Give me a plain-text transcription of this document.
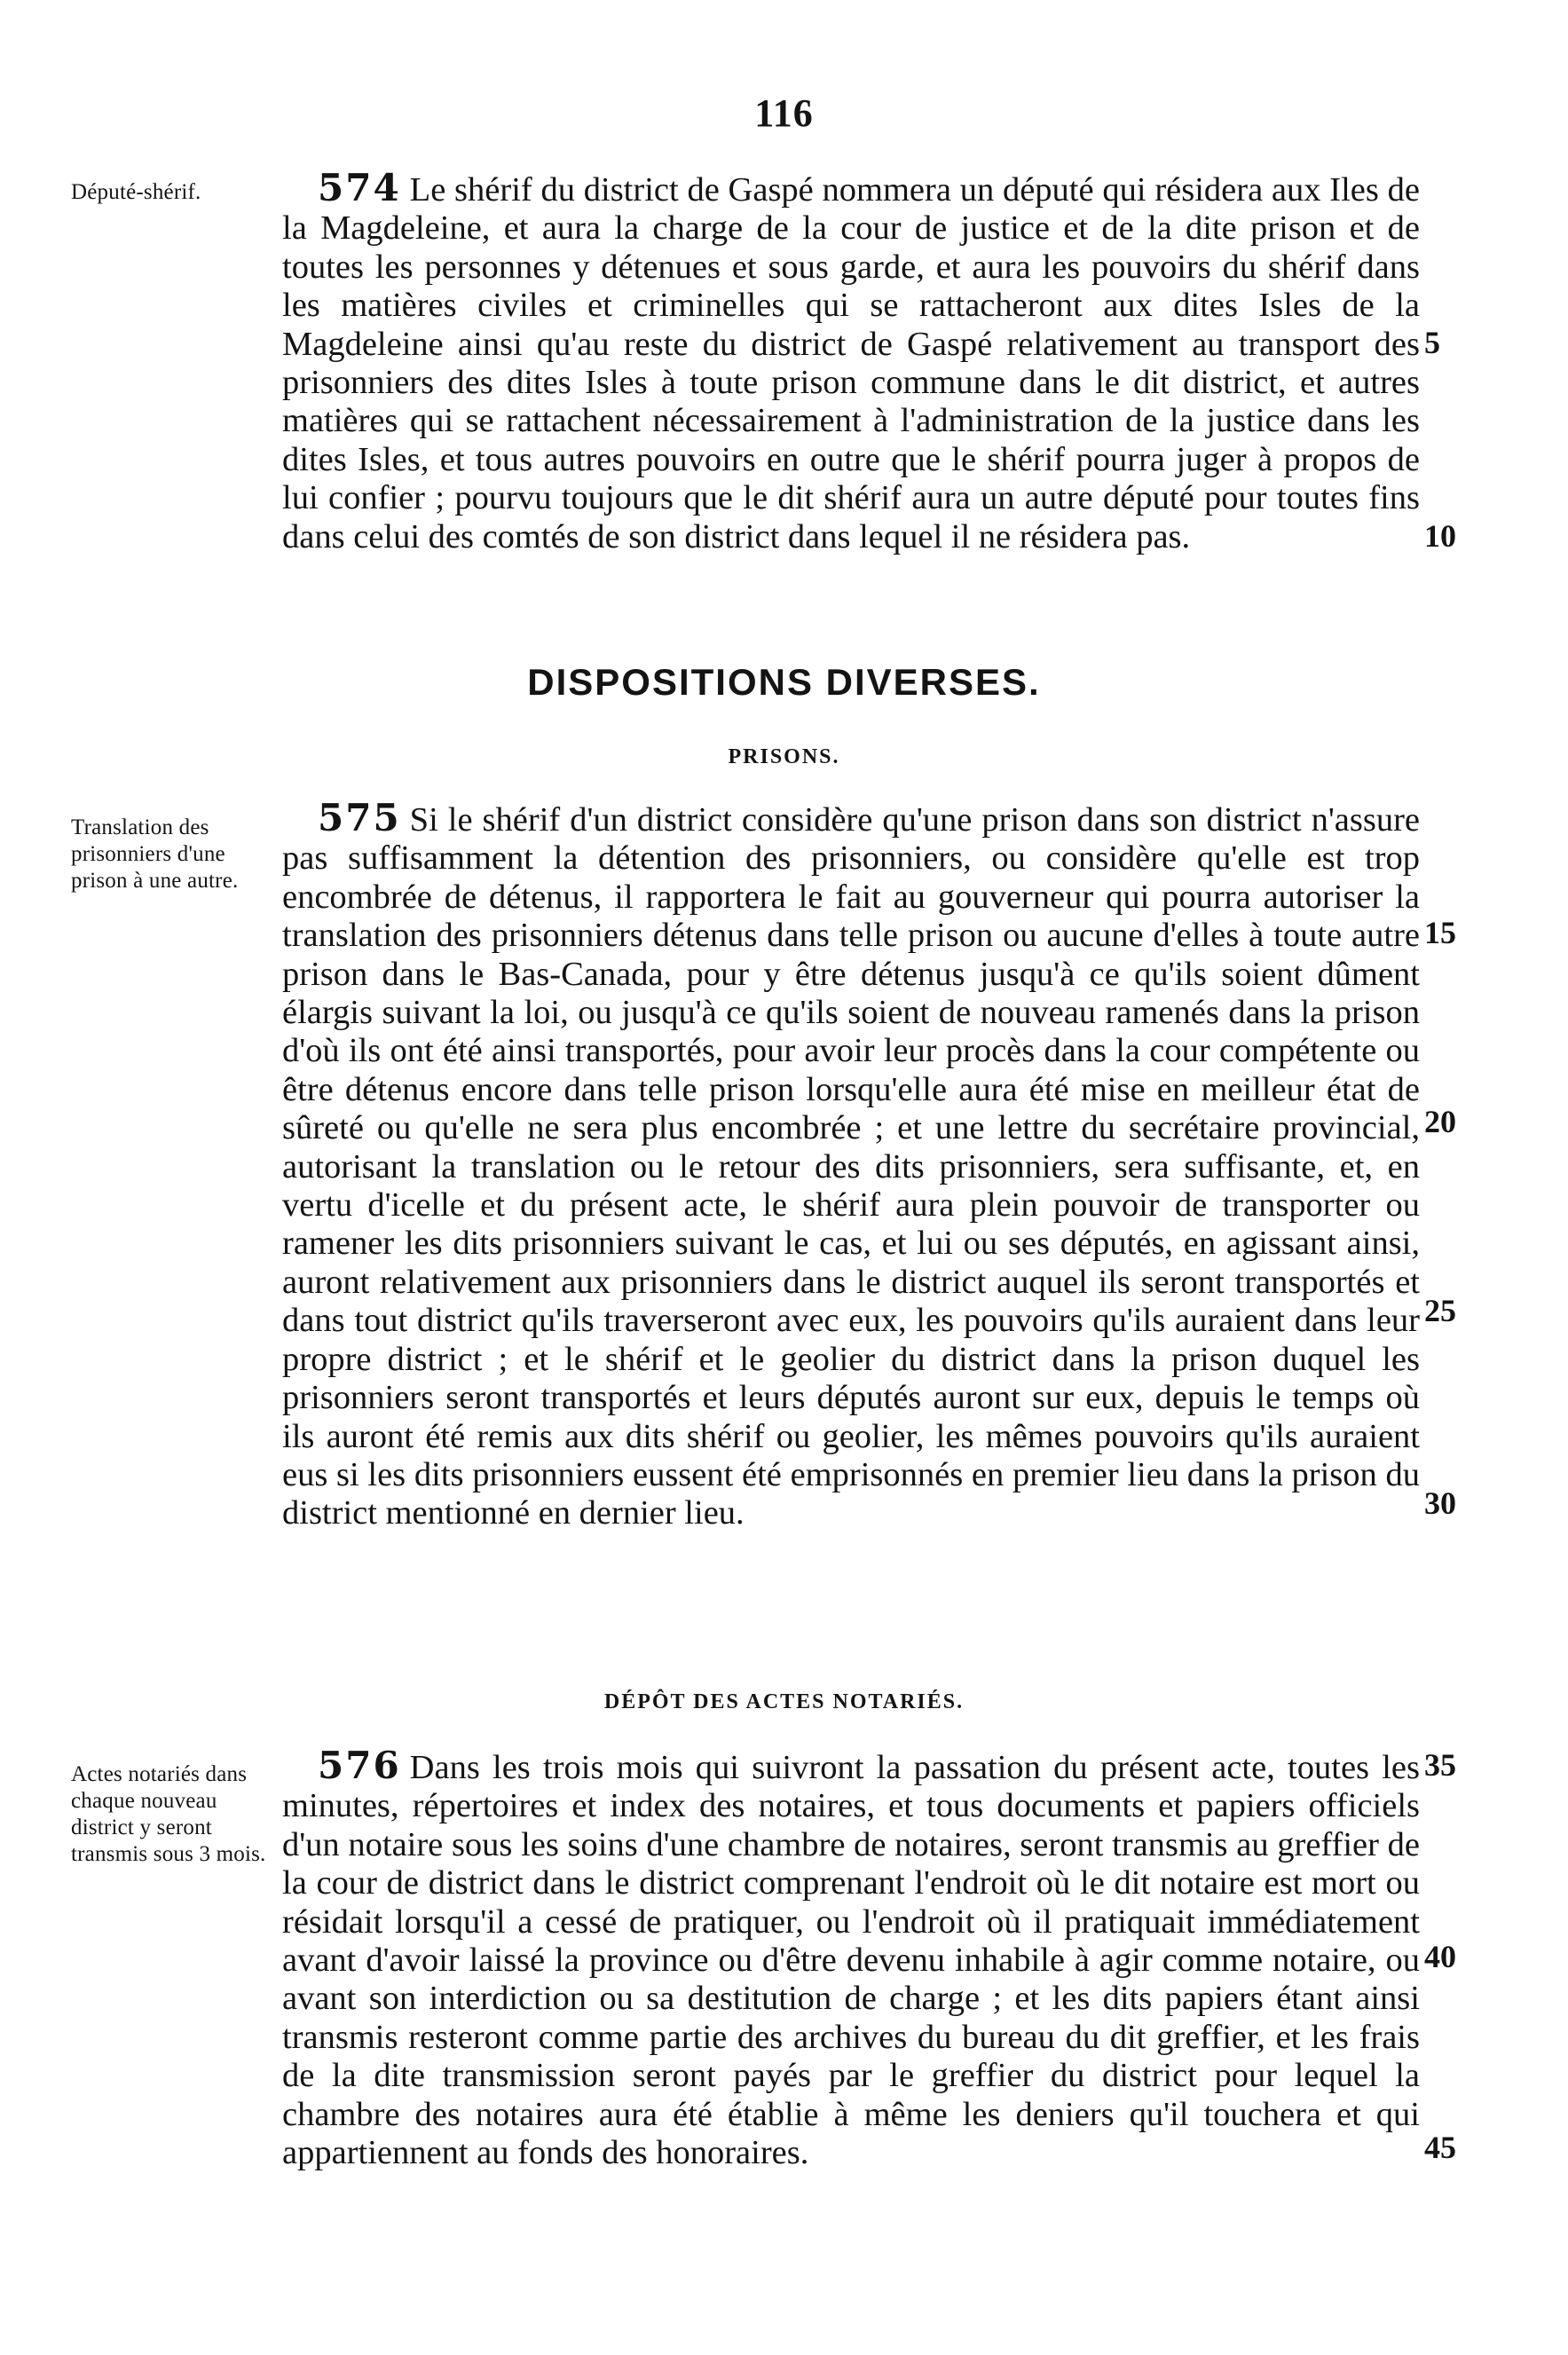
116
Député-shérif.	574 Le shérif du district de Gaspé nommera un député qui résidera aux Iles de la Magdeleine, et aura la charge de la cour de justice et de la dite prison et de toutes les personnes y détenues et sous garde, et aura les pouvoirs du shérif dans les matières civiles et criminelles qui se rattacheront aux dites Isles de la Magdeleine ainsi qu'au reste du district de Gaspé relativement au transport des prisonniers des dites Isles à toute prison commune dans le dit district, et autres matières qui se rattachent nécessairement à l'administration de la justice dans les dites Isles, et tous autres pouvoirs en outre que le shérif pourra juger à propos de lui confier ; pourvu toujours que le dit shérif aura un autre député pour toutes fins dans celui des comtés de son district dans lequel il ne résidera pas.
DISPOSITIONS DIVERSES.
PRISONS.
Translation des prisonniers d'une prison à une autre.
575 Si le shérif d'un district considère qu'une prison dans son district n'assure pas suffisamment la détention des prisonniers, ou considère qu'elle est trop encombrée de détenus, il rapportera le fait au gouverneur qui pourra autoriser la translation des prisonniers détenus dans telle prison ou aucune d'elles à toute autre prison dans le Bas-Canada, pour y être détenus jusqu'à ce qu'ils soient dûment élargis suivant la loi, ou jusqu'à ce qu'ils soient de nouveau ramenés dans la prison d'où ils ont été ainsi transportés, pour avoir leur procès dans la cour compétente ou être détenus encore dans telle prison lorsqu'elle aura été mise en meilleur état de sûreté ou qu'elle ne sera plus encombrée ; et une lettre du secrétaire provincial, autorisant la translation ou le retour des dits prisonniers, sera suffisante, et, en vertu d'icelle et du présent acte, le shérif aura plein pouvoir de transporter ou ramener les dits prisonniers suivant le cas, et lui ou ses députés, en agissant ainsi, auront relativement aux prisonniers dans le district auquel ils seront transportés et dans tout district qu'ils traverseront avec eux, les pouvoirs qu'ils auraient dans leur propre district ; et le shérif et le geolier du district dans la prison duquel les prisonniers seront transportés et leurs députés auront sur eux, depuis le temps où ils auront été remis aux dits shérif ou geolier, les mêmes pouvoirs qu'ils auraient eus si les dits prisonniers eussent été emprisonnés en premier lieu dans la prison du district mentionné en dernier lieu.
DÉPÔT DES ACTES NOTARIÉS.
Actes notariés dans chaque nouveau district y seront transmis sous 3 mois.
576 Dans les trois mois qui suivront la passation du présent acte, toutes les minutes, répertoires et index des notaires, et tous documents et papiers officiels d'un notaire sous les soins d'une chambre de notaires, seront transmis au greffier de la cour de district dans le district comprenant l'endroit où le dit notaire est mort ou résidait lorsqu'il a cessé de pratiquer, ou l'endroit où il pratiquait immédiatement avant d'avoir laissé la province ou d'être devenu inhabile à agir comme notaire, ou avant son interdiction ou sa destitution de charge ; et les dits papiers étant ainsi transmis resteront comme partie des archives du bureau du dit greffier, et les frais de la dite transmission seront payés par le greffier du district pour lequel la chambre des notaires aura été établie à même les deniers qu'il touchera et qui appartiennent au fonds des honoraires.
5
10
15
20
25
30
35
40
45
